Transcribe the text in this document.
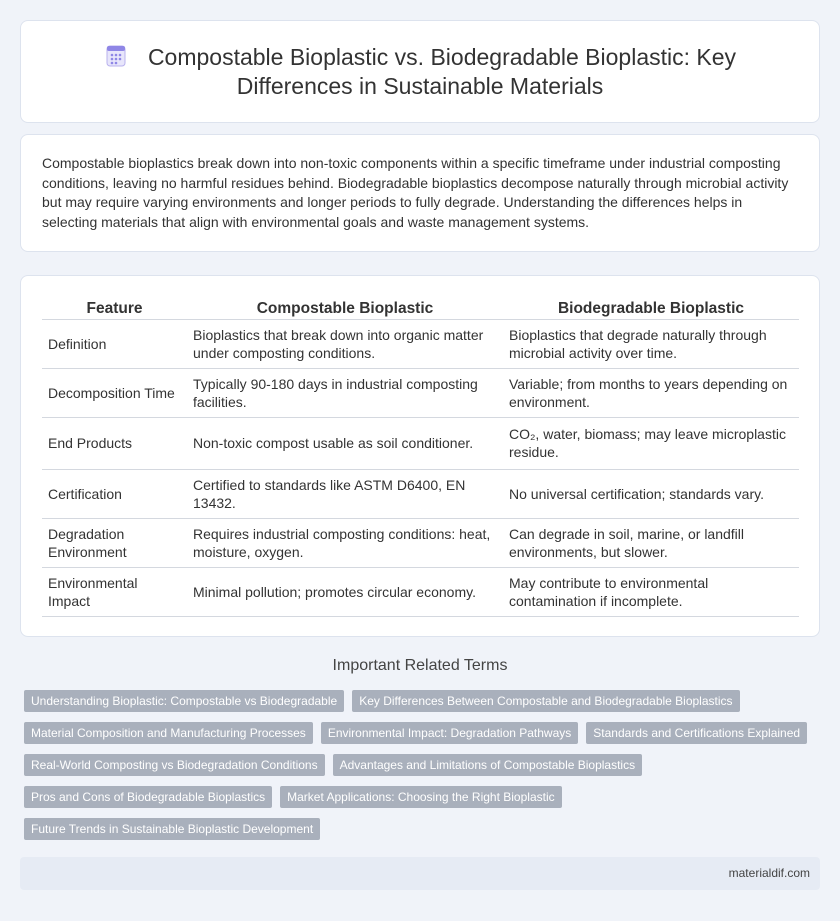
Compostable Bioplastic vs. Biodegradable Bioplastic: Key Differences in Sustainable Materials

Compostable bioplastics break down into non-toxic components within a specific timeframe under industrial composting conditions, leaving no harmful residues behind. Biodegradable bioplastics decompose naturally through microbial activity but may require varying environments and longer periods to fully degrade. Understanding the differences helps in selecting materials that align with environmental goals and waste management systems.

Feature	Compostable Bioplastic	Biodegradable Bioplastic
Definition	Bioplastics that break down into organic matter under composting conditions.	Bioplastics that degrade naturally through microbial activity over time.
Decomposition Time	Typically 90-180 days in industrial composting facilities.	Variable; from months to years depending on environment.
End Products	Non-toxic compost usable as soil conditioner.	CO₂, water, biomass; may leave microplastic residue.
Certification	Certified to standards like ASTM D6400, EN 13432.	No universal certification; standards vary.
Degradation Environment	Requires industrial composting conditions: heat, moisture, oxygen.	Can degrade in soil, marine, or landfill environments, but slower.
Environmental Impact	Minimal pollution; promotes circular economy.	May contribute to environmental contamination if incomplete.
Important Related Terms
Understanding Bioplastic: Compostable vs Biodegradable	Key Differences Between Compostable and Biodegradable Bioplastics
Material Composition and Manufacturing Processes	Environmental Impact: Degradation Pathways	Standards and Certifications Explained
Real-World Composting vs Biodegradation Conditions	Advantages and Limitations of Compostable Bioplastics
Pros and Cons of Biodegradable Bioplastics	Market Applications: Choosing the Right Bioplastic
Future Trends in Sustainable Bioplastic Development
materialdif.com
